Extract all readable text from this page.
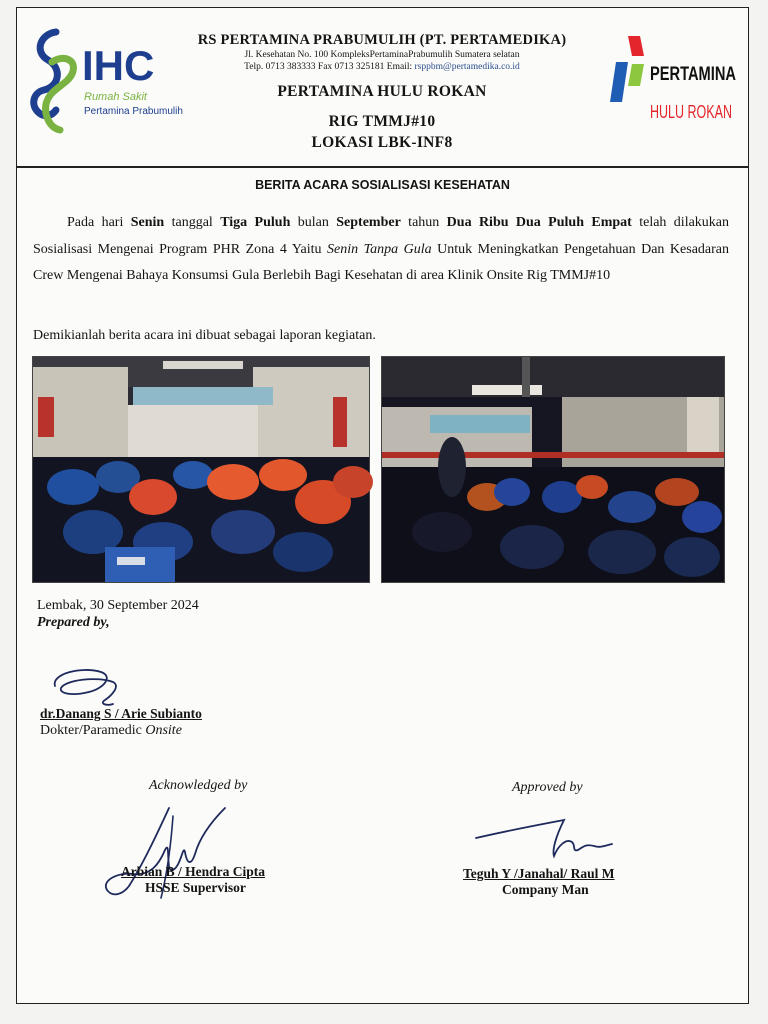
IHC
Rumah Sakit
Pertamina Prabumulih
RS PERTAMINA PRABUMULIH (PT. PERTAMEDIKA)
Jl. Kesehatan No. 100 KompleksPertaminaPrabumulih Sumatera selatan
Telp. 0713 383333 Fax 0713 325181 Email: rsppbm@pertamedika.co.id
PERTAMINA HULU ROKAN
RIG TMMJ#10
LOKASI LBK-INF8
PERTAMINA
HULU ROKAN
BERITA ACARA SOSIALISASI KESEHATAN
Pada hari Senin tanggal Tiga Puluh bulan September tahun Dua Ribu Dua Puluh Empat telah dilakukan Sosialisasi Mengenai Program PHR Zona 4 Yaitu Senin Tanpa Gula Untuk Meningkatkan Pengetahuan Dan Kesadaran Crew Mengenai Bahaya Konsumsi Gula Berlebih Bagi Kesehatan di area Klinik Onsite Rig TMMJ#10
Demikianlah berita acara ini dibuat sebagai laporan kegiatan.
Lembak, 30 September 2024
Prepared by,
dr.Danang S / Arie Subianto
Dokter/Paramedic Onsite
Acknowledged by	Approved by
Arbian B / Hendra Cipta
HSSE Supervisor
Teguh Y /Janahal/ Raul M
Company Man
